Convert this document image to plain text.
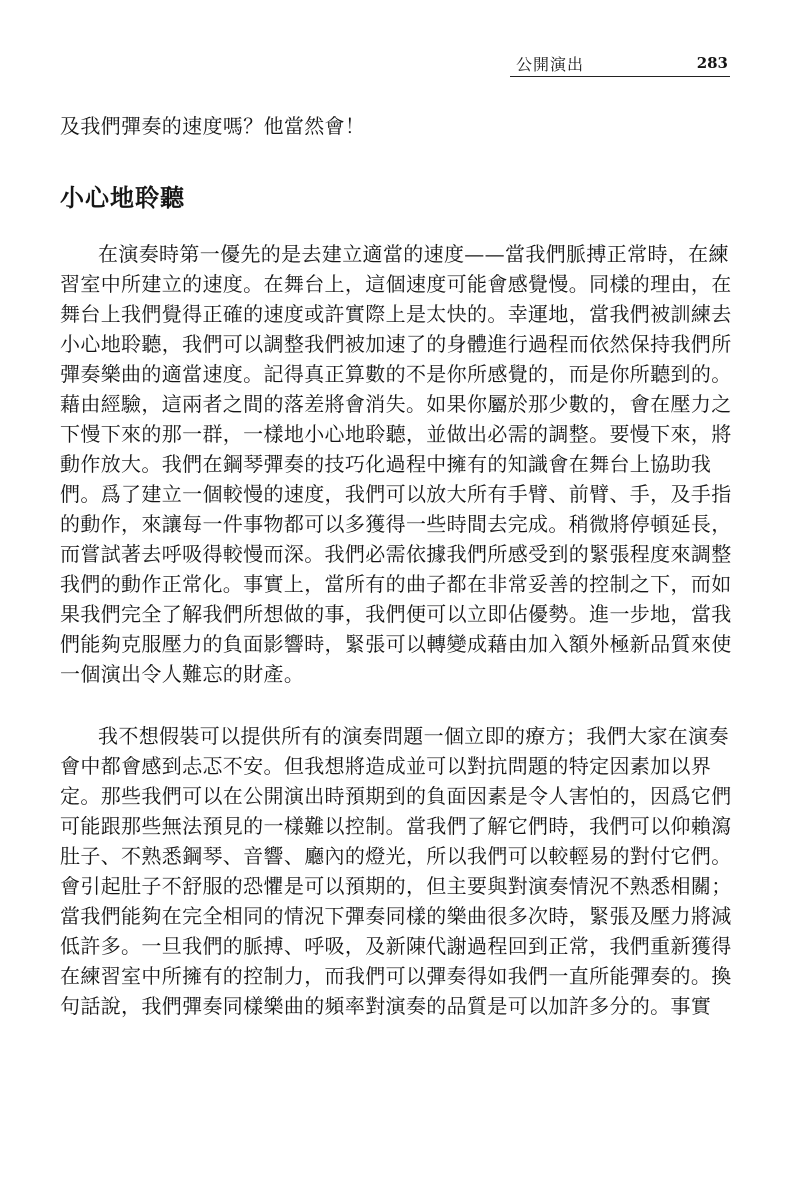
公開演出	283
及我們彈奏的速度嗎？他當然會！
小心地聆聽
在演奏時第一優先的是去建立適當的速度——當我們脈搏正常時，在練
習室中所建立的速度。在舞台上，這個速度可能會感覺慢。同樣的理由，在
舞台上我們覺得正確的速度或許實際上是太快的。幸運地，當我們被訓練去
小心地聆聽，我們可以調整我們被加速了的身體進行過程而依然保持我們所
彈奏樂曲的適當速度。記得真正算數的不是你所感覺的，而是你所聽到的。
藉由經驗，這兩者之間的落差將會消失。如果你屬於那少數的，會在壓力之
下慢下來的那一群，一樣地小心地聆聽，並做出必需的調整。要慢下來，將
動作放大。我們在鋼琴彈奏的技巧化過程中擁有的知識會在舞台上協助我
們。爲了建立一個較慢的速度，我們可以放大所有手臂、前臂、手，及手指
的動作，來讓每一件事物都可以多獲得一些時間去完成。稍微將停頓延長，
而嘗試著去呼吸得較慢而深。我們必需依據我們所感受到的緊張程度來調整
我們的動作正常化。事實上，當所有的曲子都在非常妥善的控制之下，而如
果我們完全了解我們所想做的事，我們便可以立即佔優勢。進一步地，當我
們能夠克服壓力的負面影響時，緊張可以轉變成藉由加入額外極新品質來使
一個演出令人難忘的財產。
我不想假裝可以提供所有的演奏問題一個立即的療方；我們大家在演奏
會中都會感到忐忑不安。但我想將造成並可以對抗問題的特定因素加以界
定。那些我們可以在公開演出時預期到的負面因素是令人害怕的，因爲它們
可能跟那些無法預見的一樣難以控制。當我們了解它們時，我們可以仰賴瀉
肚子、不熟悉鋼琴、音響、廳內的燈光，所以我們可以較輕易的對付它們。
會引起肚子不舒服的恐懼是可以預期的，但主要與對演奏情況不熟悉相關；
當我們能夠在完全相同的情況下彈奏同樣的樂曲很多次時，緊張及壓力將減
低許多。一旦我們的脈搏、呼吸，及新陳代謝過程回到正常，我們重新獲得
在練習室中所擁有的控制力，而我們可以彈奏得如我們一直所能彈奏的。換
句話說，我們彈奏同樣樂曲的頻率對演奏的品質是可以加許多分的。事實
